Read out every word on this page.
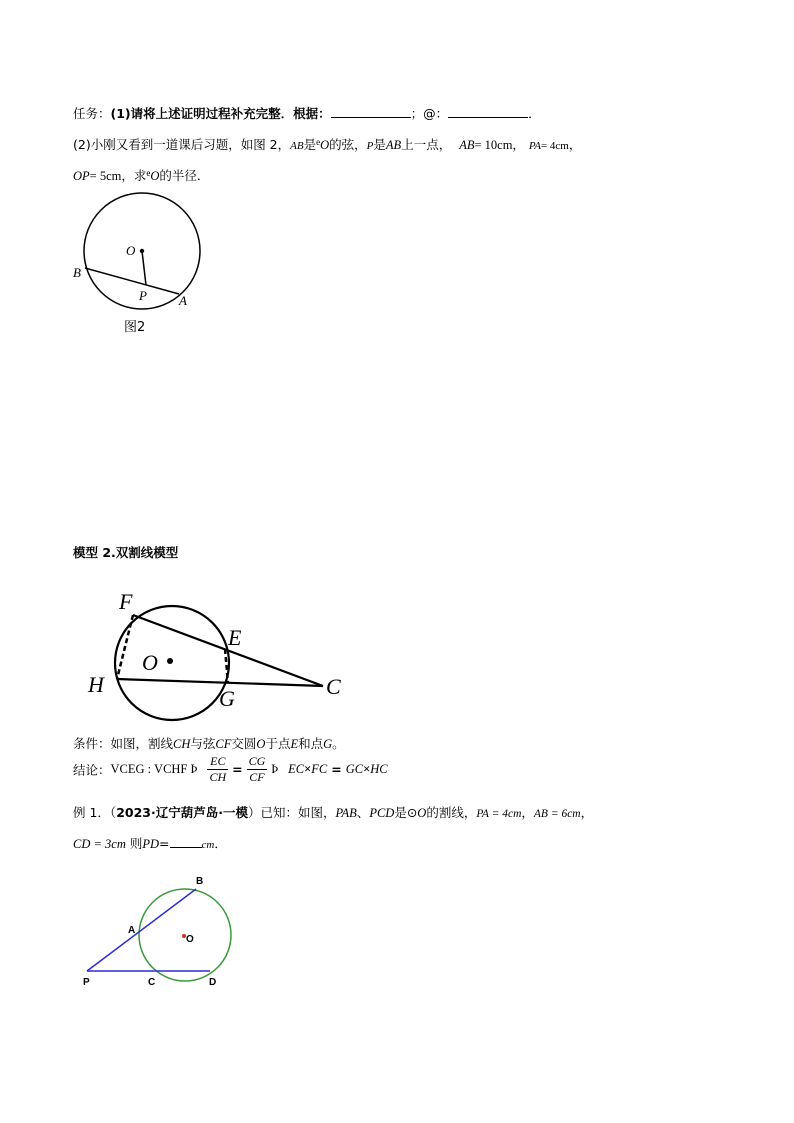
任务：(1)请将上述证明过程补充完整．根据：	；@：	．
(2)小刚又看到一道课后习题，如图 2，AB是$^e$O的弦，P是AB上一点， AB= 10cm， PA= 4cm，
OP= 5cm，求$^e$O的半径．
O
B
P A
图2
模型 2.双割线模型
F
E
O
H
G	C
条件：如图，割线CH与弦CF交圆O于点E和点G。
结论：VCEG : VCHF Þ $\frac{EC}{CH} = \frac{CG}{CF}$ Þ EC×FC = GC×HC
例 1．（2023·辽宁葫芦岛·一模）已知：如图，PAB、PCD是⊙O的割线，PA = 4cm，AB = 6cm，
CD = 3cm 则PD=	cm．
B
A
O
P	C	D
